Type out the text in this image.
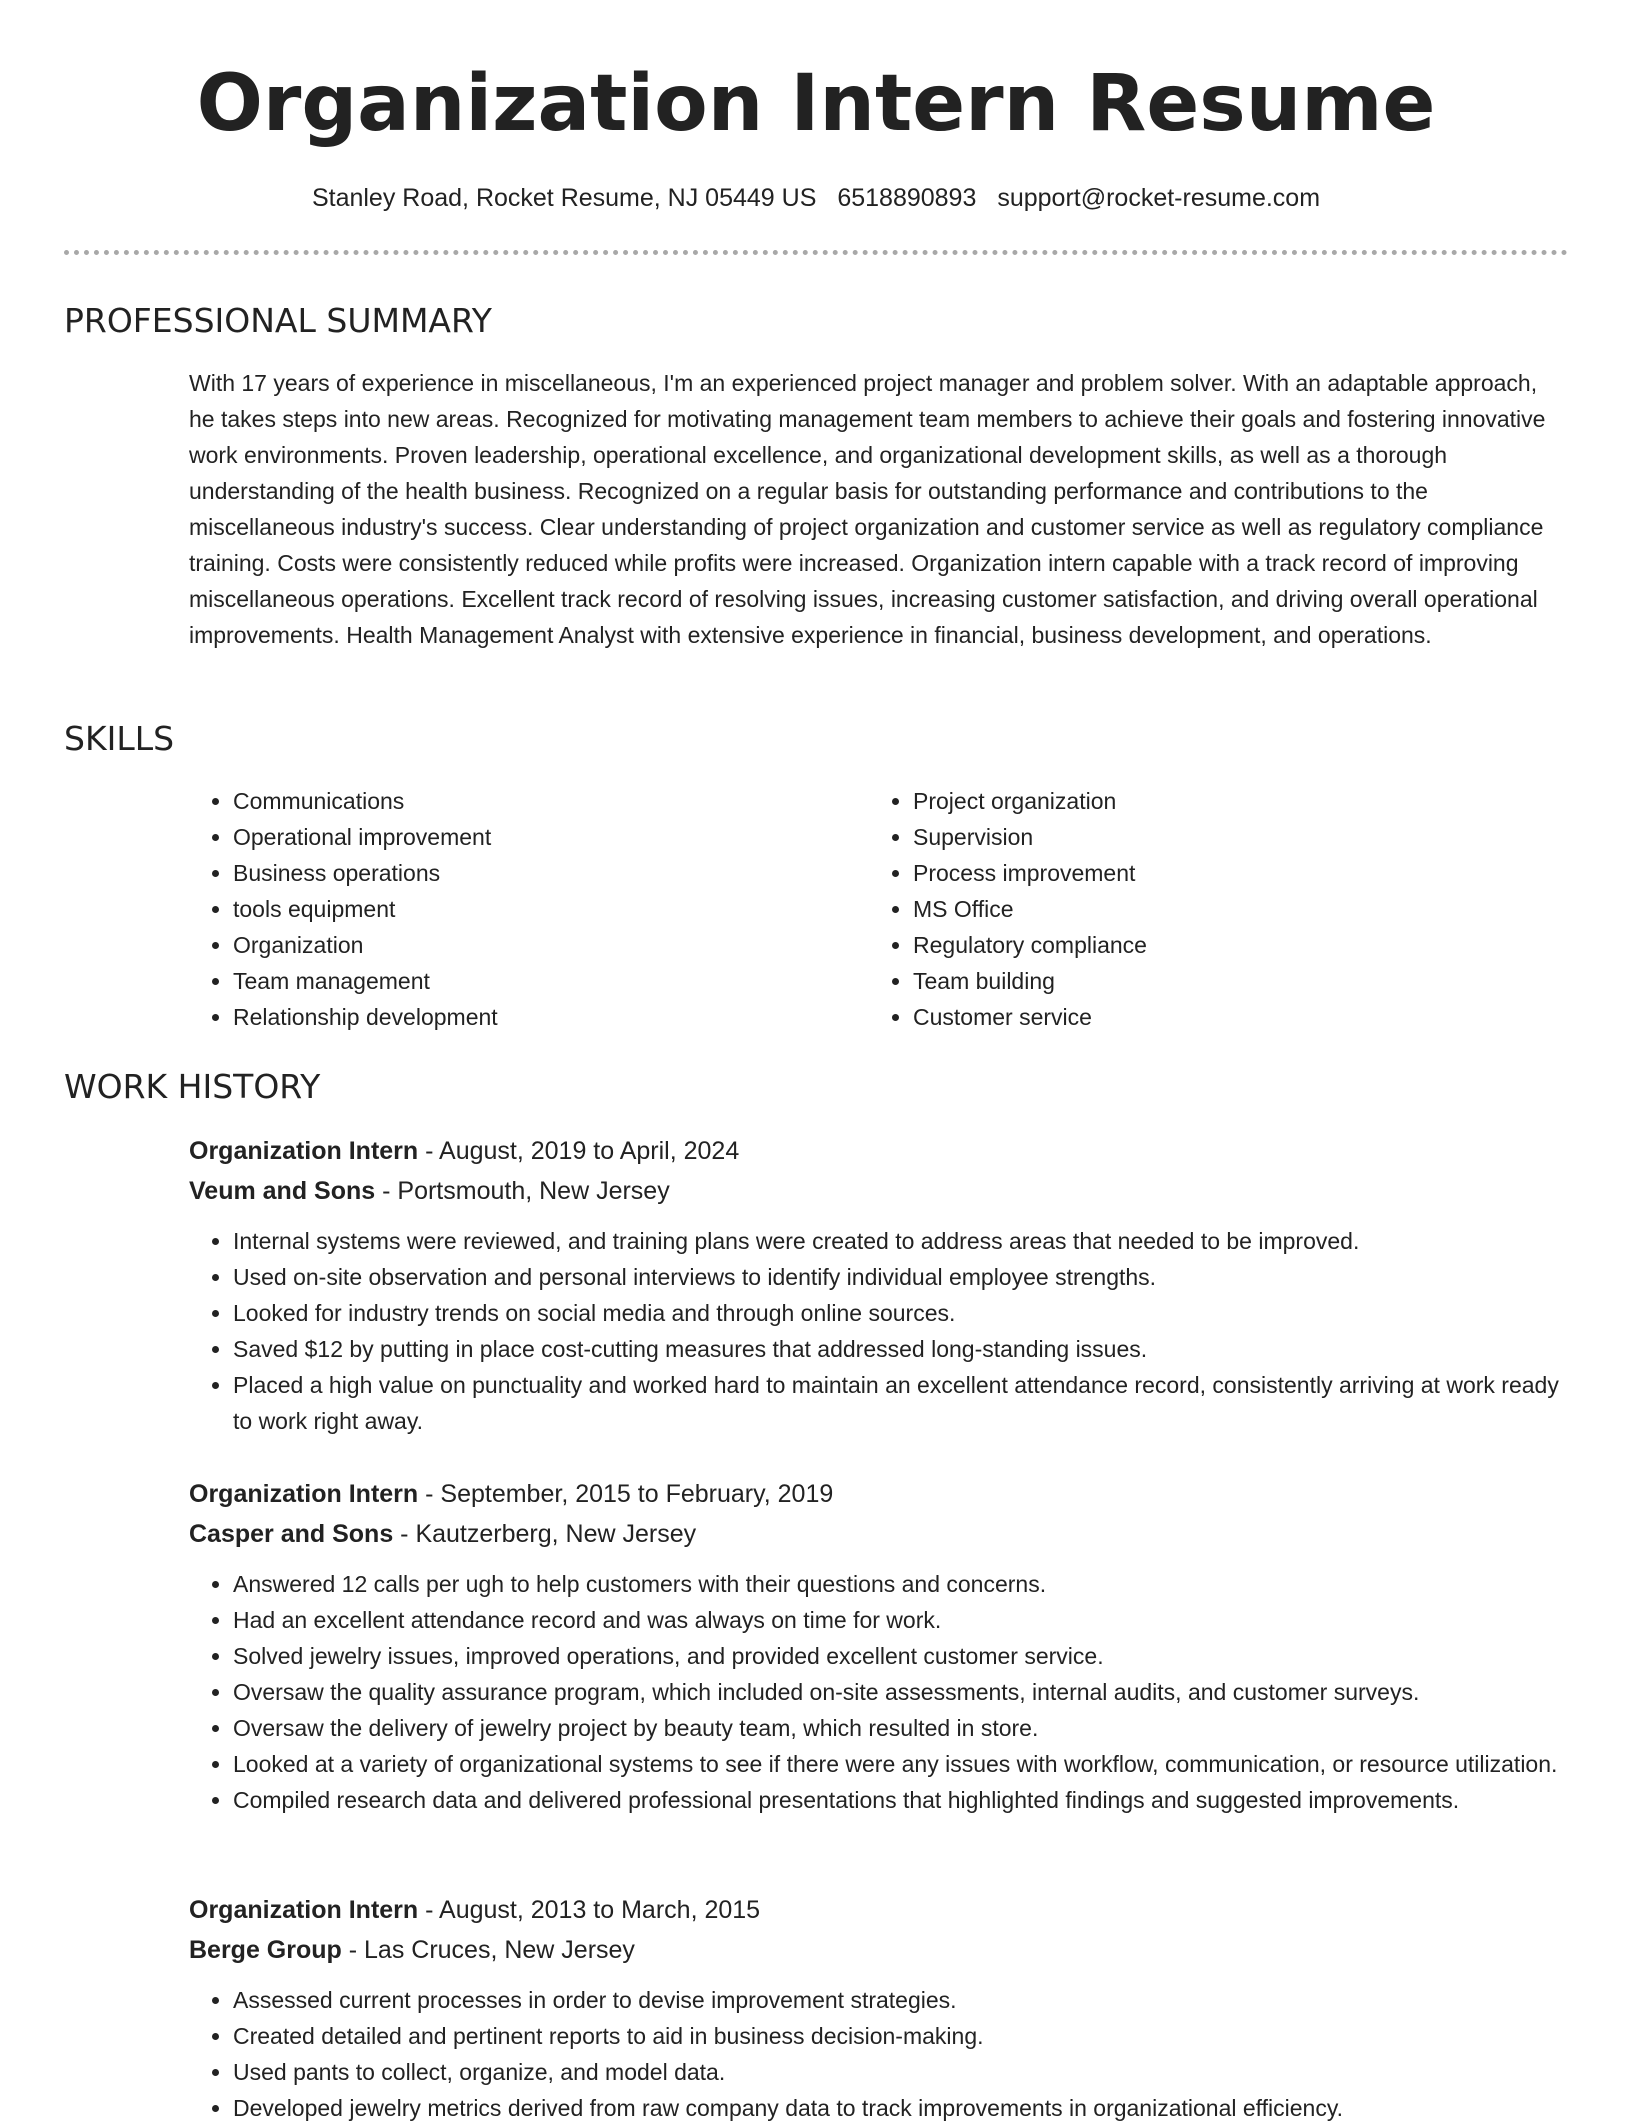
Organization Intern Resume
Stanley Road, Rocket Resume, NJ 05449 US 6518890893 support@rocket-resume.com
PROFESSIONAL SUMMARY

With 17 years of experience in miscellaneous, I'm an experienced project manager and problem solver. With an adaptable approach, he takes steps into new areas. Recognized for motivating management team members to achieve their goals and fostering innovative work environments. Proven leadership, operational excellence, and organizational development skills, as well as a thorough understanding of the health business. Recognized on a regular basis for outstanding performance and contributions to the miscellaneous industry's success. Clear understanding of project organization and customer service as well as regulatory compliance training. Costs were consistently reduced while profits were increased. Organization intern capable with a track record of improving miscellaneous operations. Excellent track record of resolving issues, increasing customer satisfaction, and driving overall operational improvements. Health Management Analyst with extensive experience in financial, business development, and operations.

SKILLS
• Communications
• Operational improvement
• Business operations
• tools equipment
• Organization
• Team management
• Relationship development
• Project organization
• Supervision
• Process improvement
• MS Office
• Regulatory compliance
• Team building
• Customer service
WORK HISTORY

Organization Intern - August, 2019 to April, 2024

Veum and Sons - Portsmouth, New Jersey

• Internal systems were reviewed, and training plans were created to address areas that needed to be improved.
• Used on-site observation and personal interviews to identify individual employee strengths.
• Looked for industry trends on social media and through online sources.
• Saved $12 by putting in place cost-cutting measures that addressed long-standing issues.
• Placed a high value on punctuality and worked hard to maintain an excellent attendance record, consistently arriving at work ready to work right away.

Organization Intern - September, 2015 to February, 2019

Casper and Sons - Kautzerberg, New Jersey

• Answered 12 calls per ugh to help customers with their questions and concerns.
• Had an excellent attendance record and was always on time for work.
• Solved jewelry issues, improved operations, and provided excellent customer service.
• Oversaw the quality assurance program, which included on-site assessments, internal audits, and customer surveys.
• Oversaw the delivery of jewelry project by beauty team, which resulted in store.
• Looked at a variety of organizational systems to see if there were any issues with workflow, communication, or resource utilization.
• Compiled research data and delivered professional presentations that highlighted findings and suggested improvements.

Organization Intern - August, 2013 to March, 2015

Berge Group - Las Cruces, New Jersey

• Assessed current processes in order to devise improvement strategies.
• Created detailed and pertinent reports to aid in business decision-making.
• Used pants to collect, organize, and model data.
• Developed jewelry metrics derived from raw company data to track improvements in organizational efficiency.
